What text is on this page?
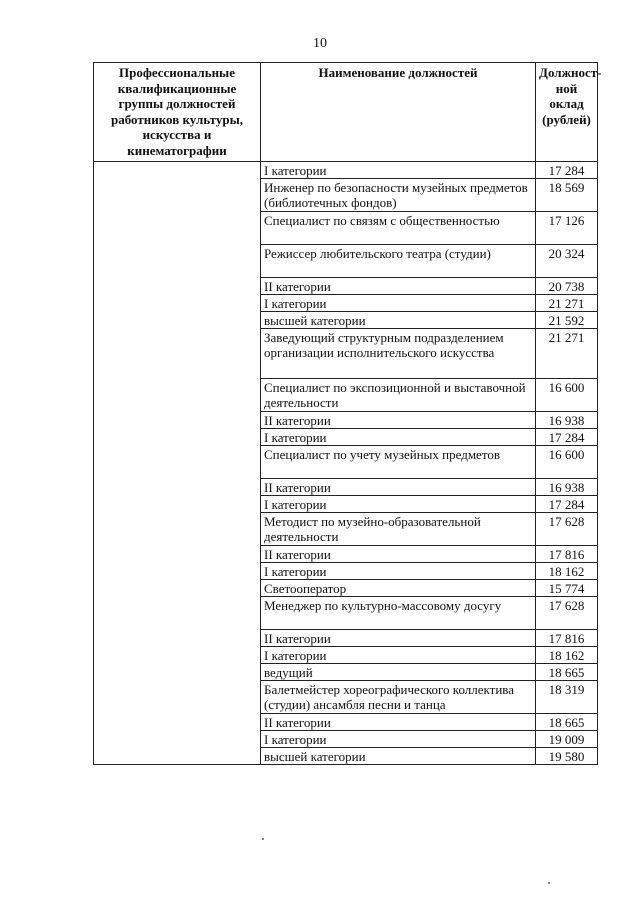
10
Профессиональные квалификационные группы должностей работников культуры, искусства и кинематографии	Наименование должностей	Должност-ной оклад (рублей)
	I категории	17 284
	Инженер по безопасности музейных предметов (библиотечных фондов)	18 569
	Специалист по связям с общественностью	17 126
	Режиссер любительского театра (студии)	20 324
	II категории	20 738
	I категории	21 271
	высшей категории	21 592
	Заведующий структурным подразделением организации исполнительского искусства	21 271
	Специалист по экспозиционной и выставочной деятельности	16 600
	II категории	16 938
	I категории	17 284
	Специалист по учету музейных предметов	16 600
	II категории	16 938
	I категории	17 284
	Методист по музейно-образовательной деятельности	17 628
	II категории	17 816
	I категории	18 162
	Светооператор	15 774
	Менеджер по культурно-массовому досугу	17 628
	II категории	17 816
	I категории	18 162
	ведущий	18 665
	Балетмейстер хореографического коллектива (студии) ансамбля песни и танца	18 319
	II категории	18 665
	I категории	19 009
	высшей категории	19 580
